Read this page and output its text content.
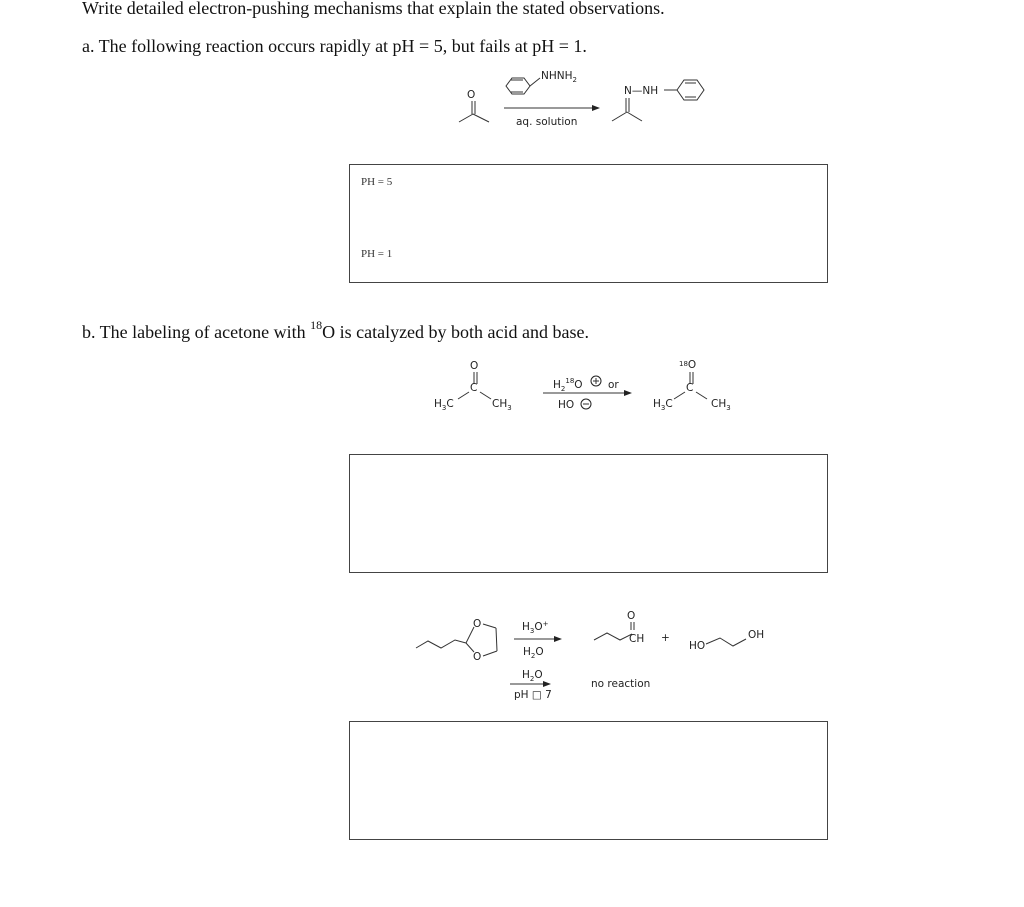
Write detailed electron-pushing mechanisms that explain the stated observations.
a. The following reaction occurs rapidly at pH = 5, but fails at pH = 1.
b. The labeling of acetone with $^{18}$O is catalyzed by both acid and base.
PH = 5
PH = 1
O
$NHNH_2$
aq. solution
N—NH
O
C
$H_3C$	$CH_3$
$H_2^{18}O$ or
HO
18O
C
$H_3C$	$CH_3$
O
O
$H_3O^+$
$H_2O$
O
CH +
HO
OH
$H_2O$
pH □ 7
no reaction
